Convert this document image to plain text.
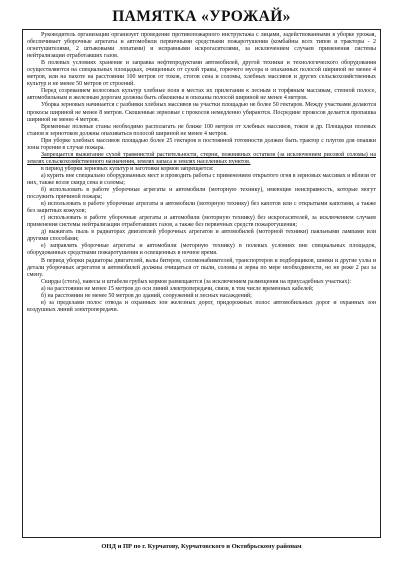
ПАМЯТКА «УРОЖАЙ»

Руководитель организации организует проведение противопожарного инструктажа с лицами, задействованными в уборке урожая, обеспечивает уборочные агрегаты и автомобили первичными средствами пожаротушения (комбайны всех типов и тракторы - 2 огнетушителями, 2 штыковыми лопатами) и исправными искрогасителями, за исключением случаев применения системы нейтрализации отработавших газов.

В полевых условиях хранение и заправка нефтепродуктами автомобилей, другой техники и технологического оборудования осуществляются на специальных площадках, очищенных от сухой травы, горючего мусора и опаханных полосой шириной не менее 4 метров, или на пахоте на расстоянии 100 метров от токов, стогов сена и соломы, хлебных массивов и других сельскохозяйственных культур и не менее 50 метров от строений.

Перед созреванием колосовых культур хлебные поля в местах их прилегания к лесным и торфяным массивам, степной полосе, автомобильным и железным дорогам должны быть обкошены и опаханы полосой шириной не менее 4 метров.

Уборка зерновых начинается с разбивки хлебных массивов на участки площадью не более 50 гектаров. Между участками делаются прокосы шириной не менее 8 метров. Скошенные зерновые с прокосов немедленно убираются. Посредине прокосов делается пропашка шириной не менее 4 метров.

Временные полевые станы необходимо располагать не ближе 100 метров от хлебных массивов, токов и др. Площадки полевых станов и зернотоков должны опахиваться полосой шириной не менее 4 метров.

При уборке хлебных массивов площадью более 25 гектаров в постоянной готовности должен быть трактор с плугом для опашки зоны горения в случае пожара.

Запрещается выжигание сухой травянистой растительности, стерни, пожнивных остатков (за исключением рисовой соломы) на землях сельскохозяйственного назначения, землях запаса и землях населенных пунктов.

в период уборки зерновых культур и заготовки кормов запрещается:

а) курить вне специально оборудованных мест и проводить работы с применением открытого огня в зерновых массивах и вблизи от них, также возле скирд сена и соломы;

б) использовать в работе уборочные агрегаты и автомобили (моторную технику), имеющие неисправность, которые могут послужить причиной пожара;

в) использовать в работе уборочные агрегаты и автомобили (моторную технику) без капотов или с открытыми капотами, а также без защитных кожухов;

г) использовать в работе уборочные агрегаты и автомобили (моторную технику) без искрогасителей, за исключением случаев применения системы нейтрализации отработавших газов, а также без первичных средств пожаротушения;

д) выжигать пыль в радиаторах двигателей уборочных агрегатов и автомобилей (моторной техники) паяльными лампами или другими способами;

е) заправлять уборочные агрегаты и автомобили (моторную технику) в полевых условиях вне специальных площадок, оборудованных средствами пожаротушения и освещенных в ночное время.

В период уборки радиаторы двигателей, валы битеров, соломонабивателей, транспортеров и подборщиков, шнеки и другие узлы и детали уборочных агрегатов и автомобилей должны очищаться от пыли, соломы и зерна по мере необходимости, но не реже 2 раз за смену.

Скирды (стога), навесы и штабеля грубых кормов размещаются (за исключением размещения на приусадебных участках):

а) на расстоянии не менее 15 метров до оси линий электропередачи, связи, в том числе временных кабелей;

б) на расстоянии не менее 50 метров до зданий, сооружений и лесных насаждений;

в) за пределами полос отвода и охранных зон железных дорог, придорожных полос автомобильных дорог и охранных зон воздушных линий электропередачи.

ОНД и ПР по г. Курчатову, Курчатовского и Октябрьскому районам
